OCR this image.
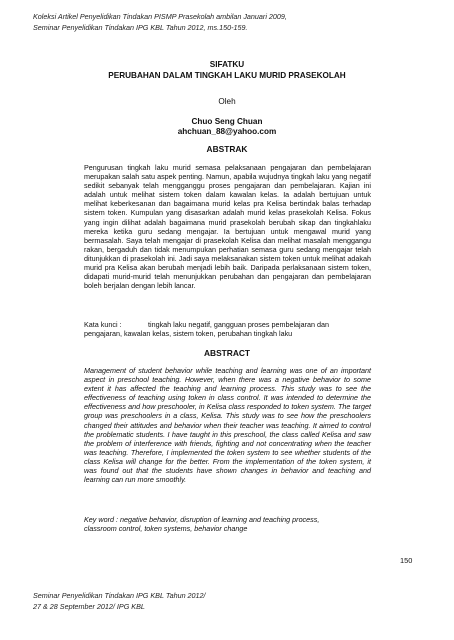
Koleksi Artikel Penyelidikan Tindakan PISMP Prasekolah ambilan Januari 2009,
Seminar Penyelidikan Tindakan IPG KBL Tahun 2012, ms.150-159.
SIFATKU
PERUBAHAN DALAM TINGKAH LAKU MURID PRASEKOLAH
Oleh
Chuo Seng Chuan
ahchuan_88@yahoo.com
ABSTRAK
Pengurusan tingkah laku murid semasa pelaksanaan pengajaran dan pembelajaran merupakan salah satu aspek penting. Namun, apabila wujudnya tingkah laku yang negatif sedikit sebanyak telah mengganggu proses pengajaran dan pembelajaran. Kajian ini adalah untuk melihat sistem token dalam kawalan kelas. Ia adalah bertujuan untuk melihat keberkesanan dan bagaimana murid kelas pra Kelisa bertindak balas terhadap sistem token. Kumpulan yang disasarkan adalah murid kelas prasekolah Kelisa. Fokus yang ingin dilihat adalah bagaimana murid prasekolah berubah sikap dan tingkahlaku mereka ketika guru sedang mengajar. Ia bertujuan untuk mengawal murid yang bermasalah. Saya telah mengajar di prasekolah Kelisa dan melihat masalah menggangu rakan, bergaduh dan tidak menumpukan perhatian semasa guru sedang mengajar telah ditunjukkan di prasekolah ini. Jadi saya melaksanakan sistem token untuk melihat adakah murid pra Kelisa akan berubah menjadi lebih baik. Daripada perlaksanaan sistem token, didapati murid-murid telah menunjukkan perubahan dan pengajaran dan pembelajaran boleh berjalan dengan lebih lancar.
Kata kunci :	tingkah laku negatif, gangguan proses pembelajaran dan
pengajaran, kawalan kelas, sistem token, perubahan tingkah laku
ABSTRACT
Management of student behavior while teaching and learning was one of an important aspect in preschool teaching. However, when there was a negative behavior to some extent it has affected the teaching and learning process. This study was to see the effectiveness of teaching using token in class control. It was intended to determine the effectiveness and how preschooler, in Kelisa class responded to token system. The target group was preschoolers in a class, Kelisa. This study was to see how the preschoolers changed their attitudes and behavior when their teacher was teaching. It aimed to control the problematic students. I have taught in this preschool, the class called Kelisa and saw the problem of interference with friends, fighting and not concentrating when the teacher was teaching. Therefore, I implemented the token system to see whether students of the class Kelisa will change for the better. From the implementation of the token system, it was found out that the students have shown changes in behavior and teaching and learning can run more smoothly.
Key word : negative behavior, disruption of learning and teaching process,
classroom control, token systems, behavior change
150
Seminar Penyelidikan Tindakan IPG KBL Tahun 2012/
27 & 28 September 2012/ IPG KBL
